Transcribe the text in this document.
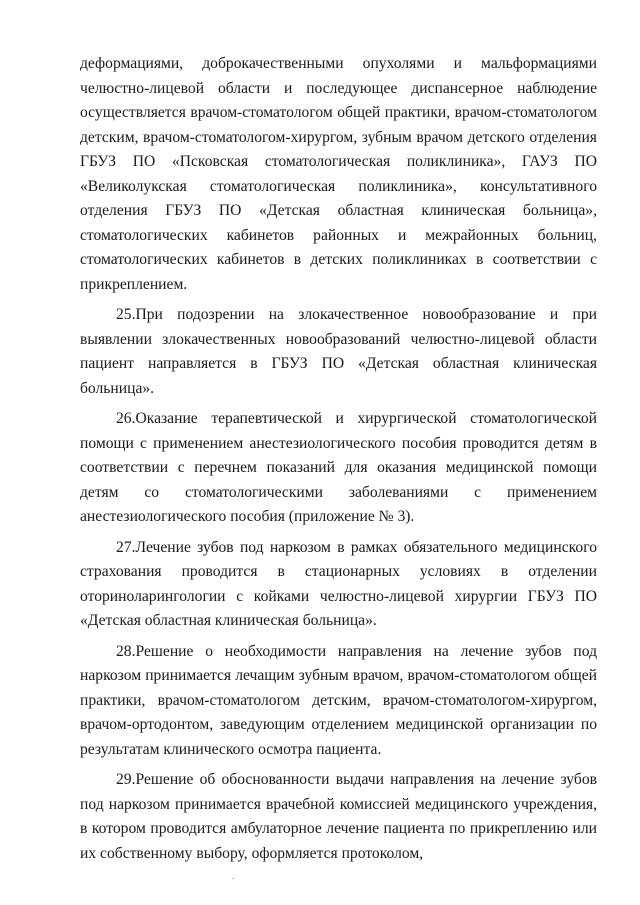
деформациями, доброкачественными опухолями и мальформациями челюстно-лицевой области и последующее диспансерное наблюдение осуществляется врачом-стоматологом общей практики, врачом-стоматологом детским, врачом-стоматологом-хирургом, зубным врачом детского отделения ГБУЗ ПО «Псковская стоматологическая поликлиника», ГАУЗ ПО «Великолукская стоматологическая поликлиника», консультативного отделения ГБУЗ ПО «Детская областная клиническая больница», стоматологических кабинетов районных и межрайонных больниц, стоматологических кабинетов в детских поликлиниках в соответствии с прикреплением.

25.При подозрении на злокачественное новообразование и при выявлении злокачественных новообразований челюстно-лицевой области пациент направляется в ГБУЗ ПО «Детская областная клиническая больница».

26.Оказание терапевтической и хирургической стоматологической помощи с применением анестезиологического пособия проводится детям в соответствии с перечнем показаний для оказания медицинской помощи детям со стоматологическими заболеваниями с применением анестезиологического пособия (приложение № 3).

27.Лечение зубов под наркозом в рамках обязательного медицинского страхования проводится в стационарных условиях в отделении оториноларингологии с койками челюстно-лицевой хирургии ГБУЗ ПО «Детская областная клиническая больница».

28.Решение о необходимости направления на лечение зубов под наркозом принимается лечащим зубным врачом, врачом-стоматологом общей практики, врачом-стоматологом детским, врачом-стоматологом-хирургом, врачом-ортодонтом, заведующим отделением медицинской организации по результатам клинического осмотра пациента.

29.Решение об обоснованности выдачи направления на лечение зубов под наркозом принимается врачебной комиссией медицинского учреждения, в котором проводится амбулаторное лечение пациента по прикреплению или их собственному выбору, оформляется протоколом,
